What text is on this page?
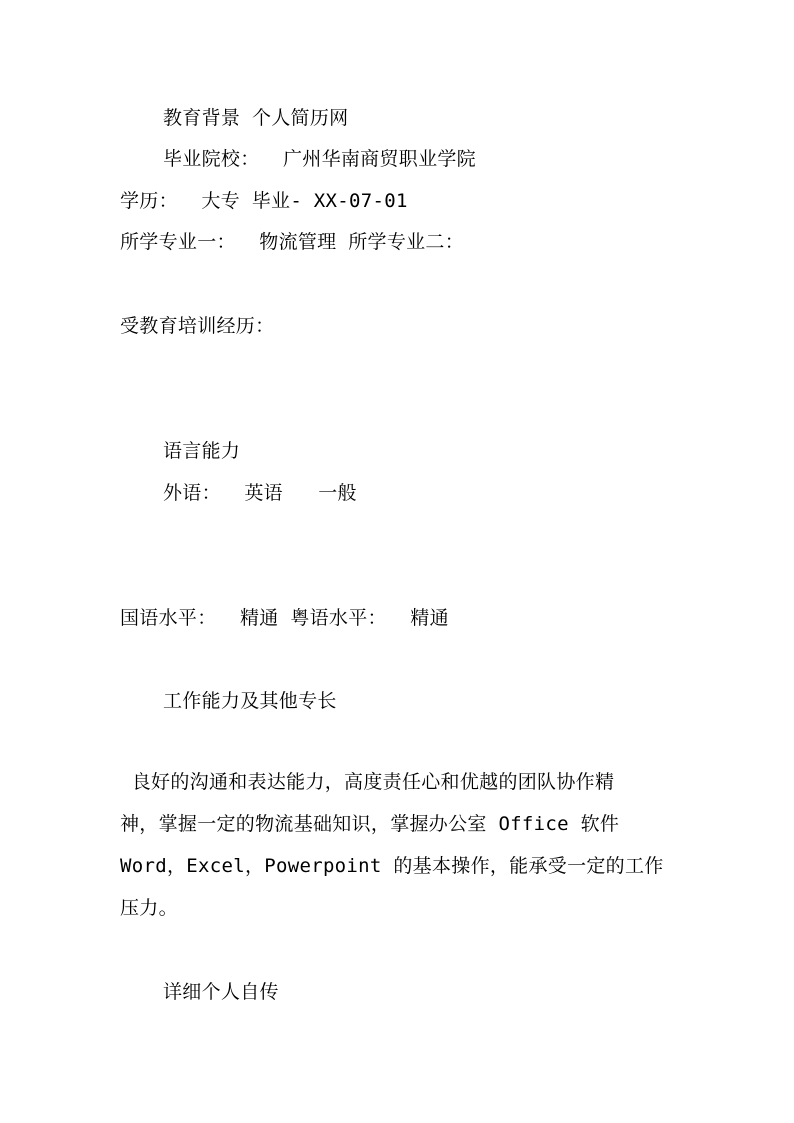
教育背景 个人简历网
毕业院校：  广州华南商贸职业学院
学历：  大专 毕业- XX-07-01
所学专业一：  物流管理 所学专业二：
受教育培训经历：
语言能力
外语：  英语   一般
国语水平：  精通 粤语水平：  精通
工作能力及其他专长
良好的沟通和表达能力，高度责任心和优越的团队协作精
神，掌握一定的物流基础知识，掌握办公室 Office 软件
Word，Excel，Powerpoint 的基本操作，能承受一定的工作
压力。
详细个人自传
